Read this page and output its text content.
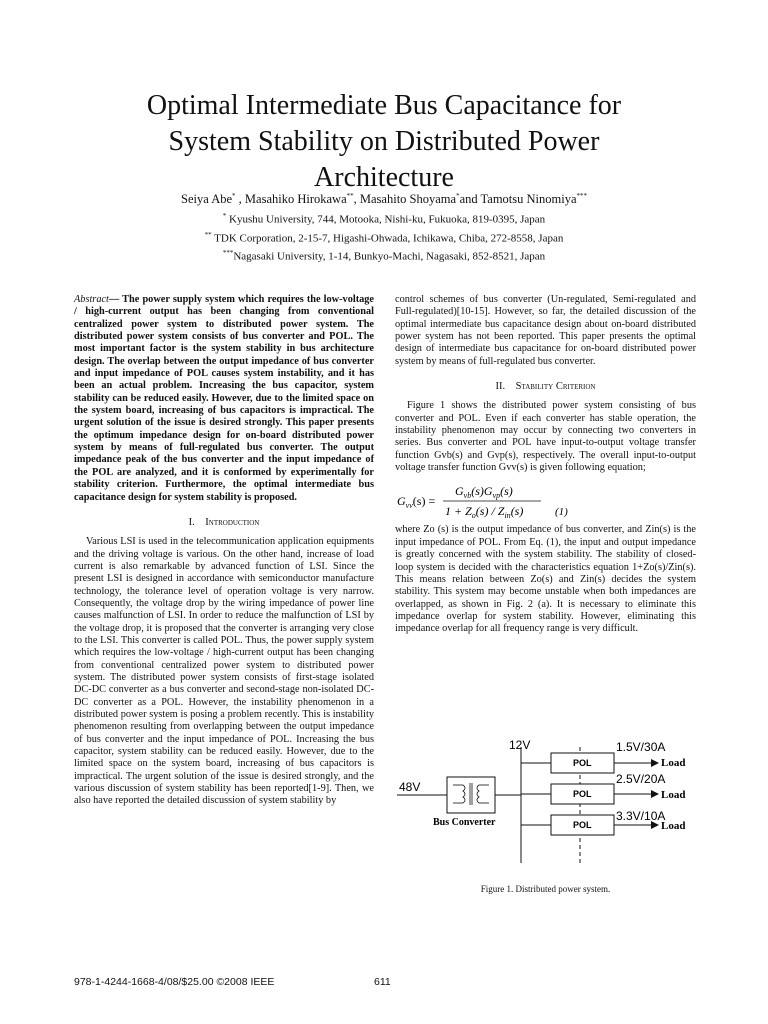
Optimal Intermediate Bus Capacitance for
System Stability on Distributed Power
Architecture
Seiya Abe* , Masahiko Hirokawa**, Masahito Shoyama*and Tamotsu Ninomiya***
* Kyushu University, 744, Motooka, Nishi-ku, Fukuoka, 819-0395, Japan
** TDK Corporation, 2-15-7, Higashi-Ohwada, Ichikawa, Chiba, 272-8558, Japan
***Nagasaki University, 1-14, Bunkyo-Machi, Nagasaki, 852-8521, Japan
Abstract— The power supply system which requires the low-voltage / high-current output has been changing from conventional centralized power system to distributed power system. The distributed power system consists of bus converter and POL. The most important factor is the system stability in bus architecture design. The overlap between the output impedance of bus converter and input impedance of POL causes system instability, and it has been an actual problem. Increasing the bus capacitor, system stability can be reduced easily. However, due to the limited space on the system board, increasing of bus capacitors is impractical. The urgent solution of the issue is desired strongly. This paper presents the optimum impedance design for on-board distributed power system by means of full-regulated bus converter. The output impedance peak of the bus converter and the input impedance of the POL are analyzed, and it is conformed by experimentally for stability criterion. Furthermore, the optimal intermediate bus capacitance design for system stability is proposed.
I. Introduction
Various LSI is used in the telecommunication application equipments and the driving voltage is various. On the other hand, increase of load current is also remarkable by advanced function of LSI. Since the present LSI is designed in accordance with semiconductor manufacture technology, the tolerance level of operation voltage is very narrow. Consequently, the voltage drop by the wiring impedance of power line causes malfunction of LSI. In order to reduce the malfunction of LSI by the voltage drop, it is proposed that the converter is arranging very close to the LSI. This converter is called POL. Thus, the power supply system which requires the low-voltage / high-current output has been changing from conventional centralized power system to distributed power system. The distributed power system consists of first-stage isolated DC-DC converter as a bus converter and second-stage non-isolated DC-DC converter as a POL. However, the instability phenomenon in a distributed power system is posing a problem recently. This is instability phenomenon resulting from overlapping between the output impedance of bus converter and the input impedance of POL. Increasing the bus capacitor, system stability can be reduced easily. However, due to the limited space on the system board, increasing of bus capacitors is impractical. The urgent solution of the issue is desired strongly, and the various discussion of system stability has been reported[1-9]. Then, we also have reported the detailed discussion of system stability by
control schemes of bus converter (Un-regulated, Semi-regulated and Full-regulated)[10-15]. However, so far, the detailed discussion of the optimal intermediate bus capacitance design about on-board distributed power system has not been reported. This paper presents the optimal design of intermediate bus capacitance for on-board distributed power system by means of full-regulated bus converter.
II. Stability Criterion
Figure 1 shows the distributed power system consisting of bus converter and POL. Even if each converter has stable operation, the instability phenomenon may occur by connecting two converters in series. Bus converter and POL have input-to-output voltage transfer function Gvb(s) and Gvp(s), respectively. The overall input-to-output voltage transfer function Gvv(s) is given following equation;
$G_{vv}(s)$ =
$G_{vb}(s)G_{vp}(s)$
$1 + Z_o(s) / Z_{in}(s)$	(1)
where Zo (s) is the output impedance of bus converter, and Zin(s) is the input impedance of POL. From Eq. (1), the input and output impedance is greatly concerned with the system stability. The stability of closed-loop system is decided with the characteristics equation 1+Zo(s)/Zin(s). This means relation between Zo(s) and Zin(s) decides the system stability. This system may become unstable when both impedances are overlapped, as shown in Fig. 2 (a). It is necessary to eliminate this impedance overlap for system stability. However, eliminating this impedance overlap for all frequency range is very difficult.
12V
48V
Bus Converter
POL
1.5V/30A
Load
POL
2.5V/20A
Load
POL
3.3V/10A
Load
Figure 1. Distributed power system.
978-1-4244-1668-4/08/$25.00 ©2008 IEEE	611
